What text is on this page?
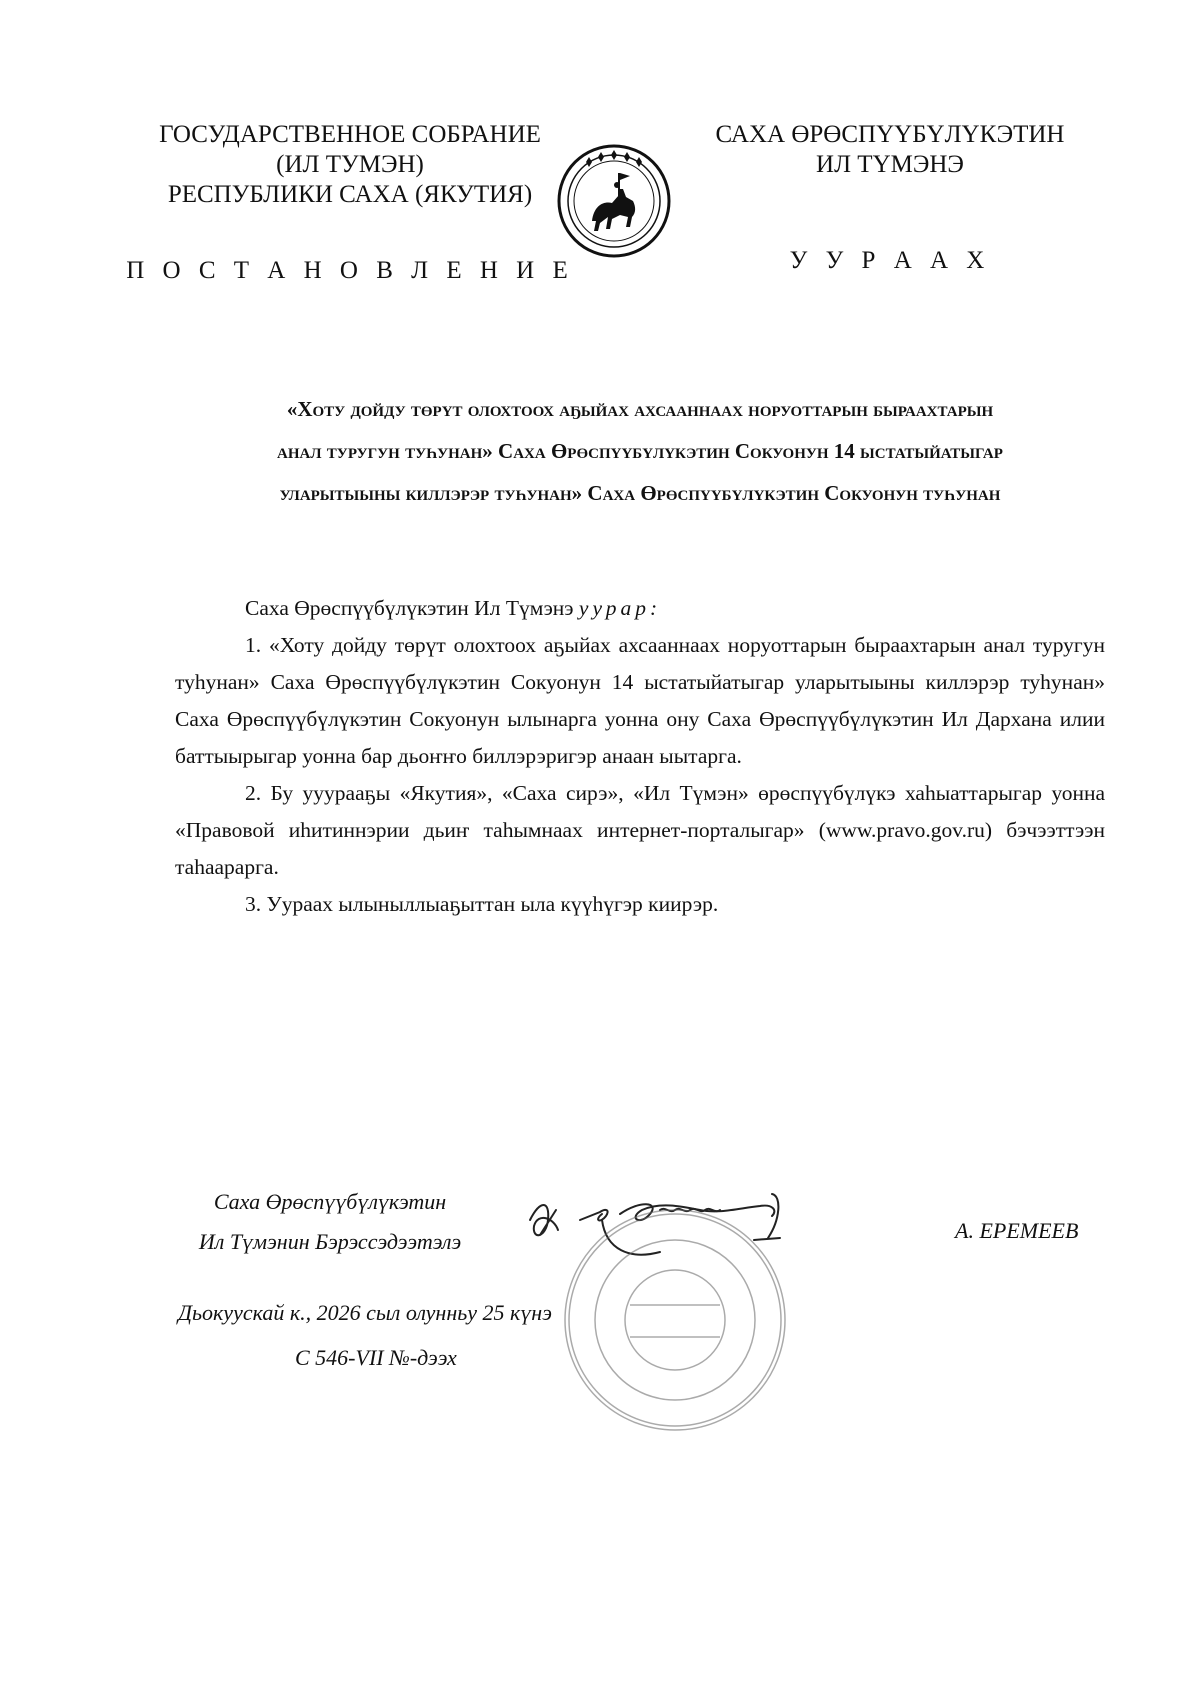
ГОСУДАРСТВЕННОЕ СОБРАНИЕ
(ИЛ ТУМЭН)
РЕСПУБЛИКИ САХА (ЯКУТИЯ)
САХА ӨРӨСПҮҮБҮЛҮКЭТИН
ИЛ ТҮМЭНЭ
П О С Т А Н О В Л Е Н И Е	У У Р А А Х
«Хоту дойду төрүт олохтоох аҕыйах ахсааннаах норуоттарын быраахтарын
анал туругун туһунан» Саха Өрөспүүбүлүкэтин Сокуонун 14 ыстатыйатыгар
уларытыыны киллэрэр туһунан» Саха Өрөспүүбүлүкэтин Сокуонун туһунан

Саха Өрөспүүбүлүкэтин Ил Түмэнэ уурар:

1. «Хоту дойду төрүт олохтоох аҕыйах ахсааннаах норуоттарын быраахтарын анал туругун туһунан» Саха Өрөспүүбүлүкэтин Сокуонун 14 ыстатыйатыгар уларытыыны киллэрэр туһунан» Саха Өрөспүүбүлүкэтин Сокуонун ылынарга уонна ону Саха Өрөспүүбүлүкэтин Ил Дархана илии баттыырыгар уонна бар дьоҥҥо биллэрэригэр анаан ыытарга.

2. Бу ууурааҕы «Якутия», «Саха сирэ», «Ил Түмэн» өрөспүүбүлүкэ хаһыаттарыгар уонна «Правовой иһитиннэрии дьиҥ таһымнаах интернет-порталыгар» (www.pravo.gov.ru) бэчээттээн таһаарарга.

3. Уураах ылыныллыаҕыттан ыла күүһүгэр киирэр.

Саха Өрөспүүбүлүкэтин
Ил Түмэнин Бэрэссэдээтэлэ	А. ЕРЕМЕЕВ
Дьокуускай к., 2026 сыл олунньу 25 күнэ
С 546-VII №-дээх
